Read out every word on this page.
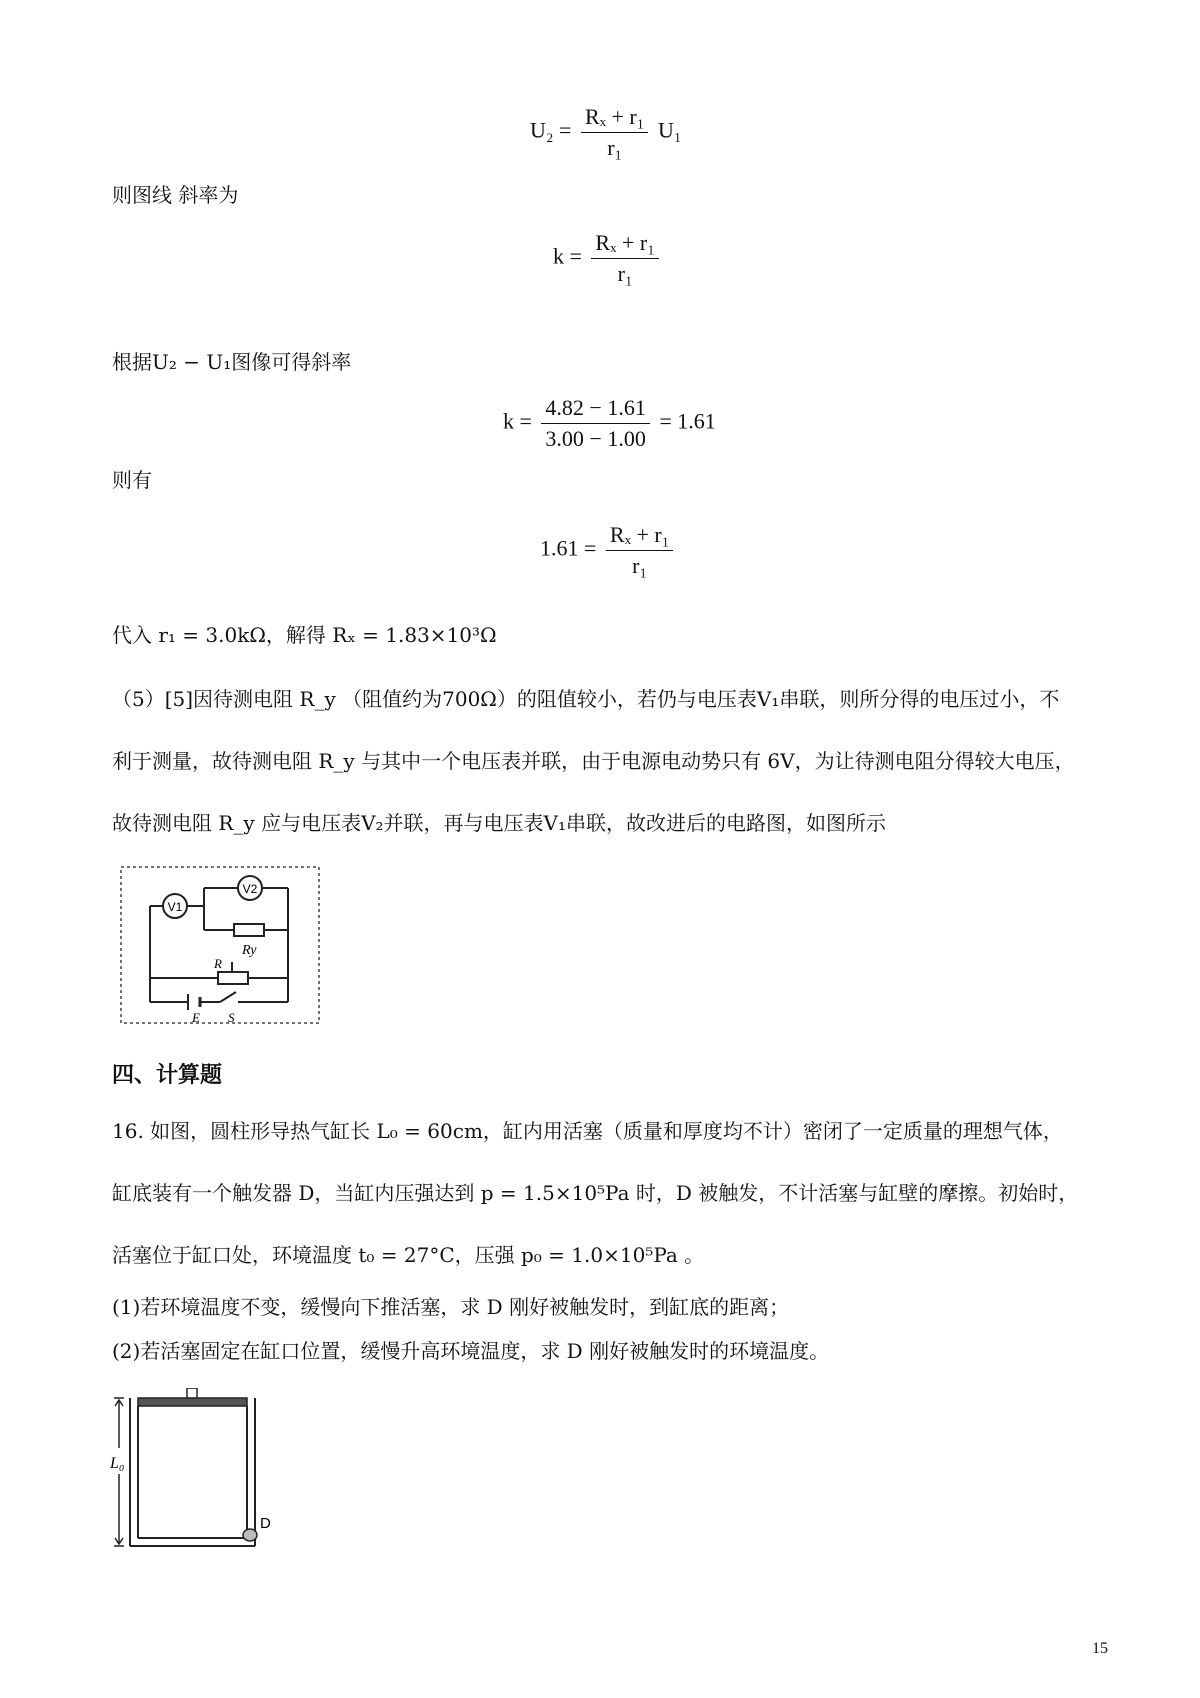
$U_2 = \frac{\text{Rₓ + r₁}}{\text{r₁}} U_1$
则图线 斜率为
$k = \frac{\text{Rₓ + r₁}}{\text{r₁}}$
根据U₂ − U₁图像可得斜率
$k = \frac{4.82 - 1.61}{3.00 - 1.00} = 1.61$
则有
$1.61 = \frac{\text{Rₓ + r₁}}{\text{r₁}}$
代入 r₁ = 3.0kΩ，解得 Rₓ = 1.83×10³Ω
（5）[5]因待测电阻 R_y （阻值约为700Ω）的阻值较小，若仍与电压表V₁串联，则所分得的电压过小，不
利于测量，故待测电阻 R_y 与其中一个电压表并联，由于电源电动势只有 6V，为让待测电阻分得较大电压，
故待测电阻 R_y 应与电压表V₂并联，再与电压表V₁串联，故改进后的电路图，如图所示
V1
V2
Ry
R
E S
四、计算题
16. 如图，圆柱形导热气缸长 L₀ = 60cm，缸内用活塞（质量和厚度均不计）密闭了一定质量的理想气体，
缸底装有一个触发器 D，当缸内压强达到 p = 1.5×10⁵Pa 时，D 被触发，不计活塞与缸壁的摩擦。初始时，
活塞位于缸口处，环境温度 t₀ = 27°C，压强 p₀ = 1.0×10⁵Pa 。
(1)若环境温度不变，缓慢向下推活塞，求 D 刚好被触发时，到缸底的距离；
(2)若活塞固定在缸口位置，缓慢升高环境温度，求 D 刚好被触发时的环境温度。
L₀
D
15
